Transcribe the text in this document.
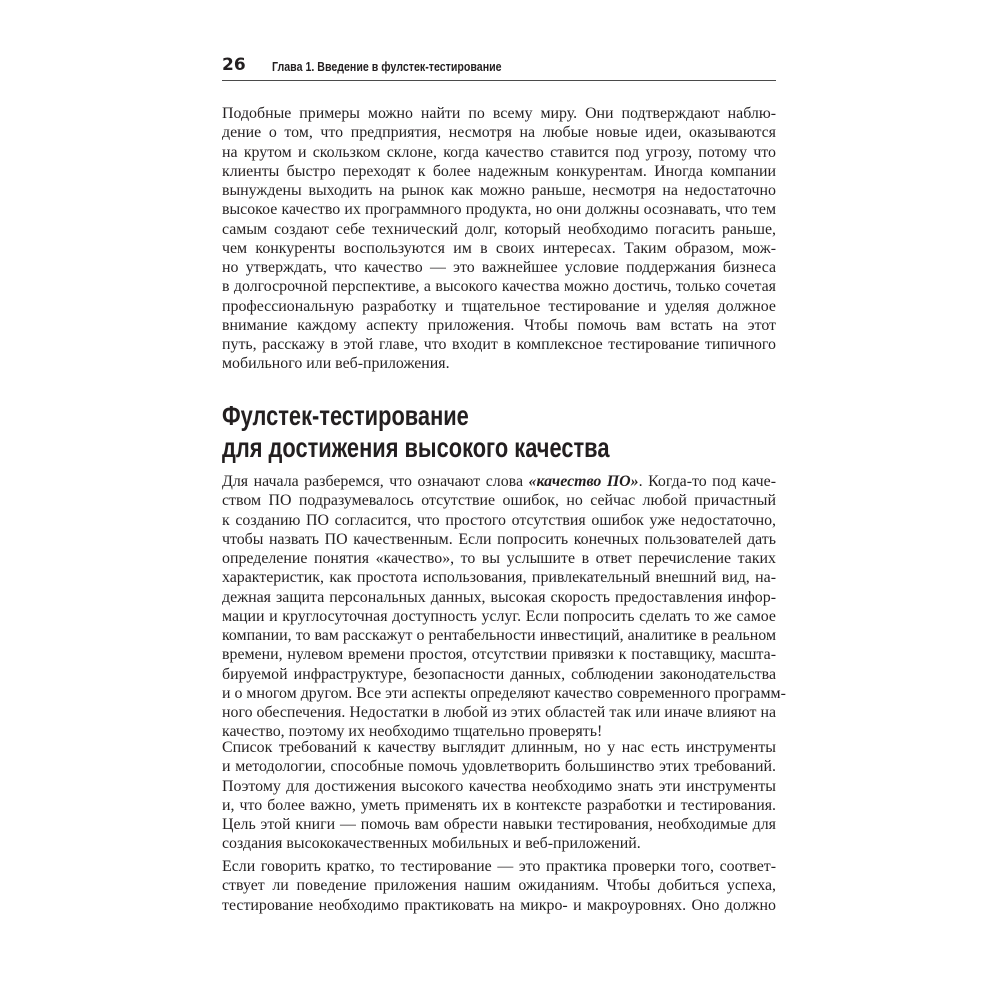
26 Глава 1. Введение в фулстек-тестирование

Подобные примеры можно найти по всему миру. Они подтверждают наблю-
дение о том, что предприятия, несмотря на любые новые идеи, оказываются
на крутом и скользком склоне, когда качество ставится под угрозу, потому что
клиенты быстро переходят к более надежным конкурентам. Иногда компании
вынуждены выходить на рынок как можно раньше, несмотря на недостаточно
высокое качество их программного продукта, но они должны осознавать, что тем
самым создают себе технический долг, который необходимо погасить раньше,
чем конкуренты воспользуются им в своих интересах. Таким образом, мож-
но утверждать, что качество — это важнейшее условие поддержания бизнеса
в долгосрочной перспективе, а высокого качества можно достичь, только сочетая
профессиональную разработку и тщательное тестирование и уделяя должное
внимание каждому аспекту приложения. Чтобы помочь вам встать на этот
путь, расскажу в этой главе, что входит в комплексное тестирование типичного
мобильного или веб-приложения.

Фулстек-тестирование
для достижения высокого качества

Для начала разберемся, что означают слова «качество ПО». Когда-то под каче-
ством ПО подразумевалось отсутствие ошибок, но сейчас любой причастный
к созданию ПО согласится, что простого отсутствия ошибок уже недостаточно,
чтобы назвать ПО качественным. Если попросить конечных пользователей дать
определение понятия «качество», то вы услышите в ответ перечисление таких
характеристик, как простота использования, привлекательный внешний вид, на-
дежная защита персональных данных, высокая скорость предоставления инфор-
мации и круглосуточная доступность услуг. Если попросить сделать то же самое
компании, то вам расскажут о рентабельности инвестиций, аналитике в реальном
времени, нулевом времени простоя, отсутствии привязки к поставщику, масшта-
бируемой инфраструктуре, безопасности данных, соблюдении законодательства
и о многом другом. Все эти аспекты определяют качество современного программ-
ного обеспечения. Недостатки в любой из этих областей так или иначе влияют на
качество, поэтому их необходимо тщательно проверять!

Список требований к качеству выглядит длинным, но у нас есть инструменты
и методологии, способные помочь удовлетворить большинство этих требований.
Поэтому для достижения высокого качества необходимо знать эти инструменты
и, что более важно, уметь применять их в контексте разработки и тестирования.
Цель этой книги — помочь вам обрести навыки тестирования, необходимые для
создания высококачественных мобильных и веб-приложений.

Если говорить кратко, то тестирование — это практика проверки того, соответ-
ствует ли поведение приложения нашим ожиданиям. Чтобы добиться успеха,
тестирование необходимо практиковать на микро- и макроуровнях. Оно должно
